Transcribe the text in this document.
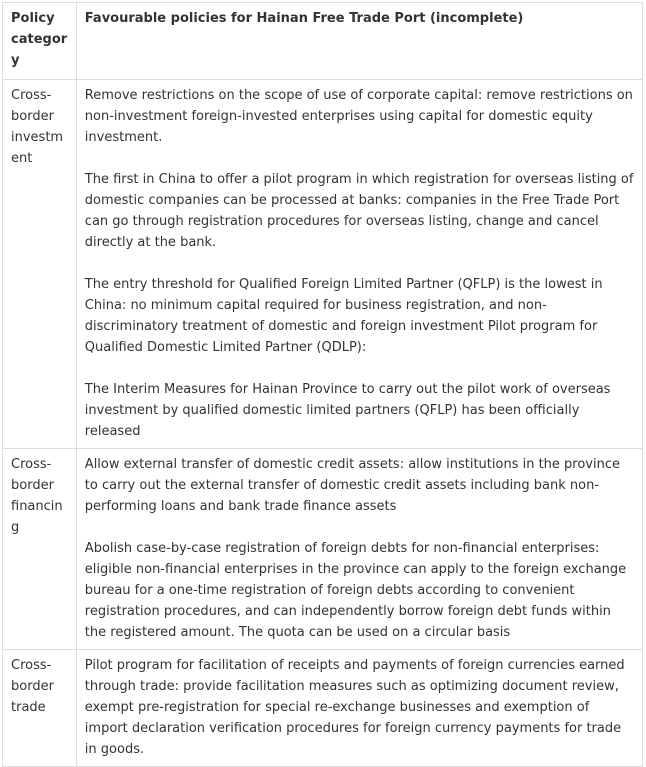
Policy category	Favourable policies for Hainan Free Trade Port (incomplete)
Cross-border investment	Remove restrictions on the scope of use of corporate capital: remove restrictions on non-investment foreign-invested enterprises using capital for domestic equity investment.

The first in China to offer a pilot program in which registration for overseas listing of domestic companies can be processed at banks: companies in the Free Trade Port can go through registration procedures for overseas listing, change and cancel directly at the bank.

The entry threshold for Qualified Foreign Limited Partner (QFLP) is the lowest in China: no minimum capital required for business registration, and non-discriminatory treatment of domestic and foreign investment Pilot program for Qualified Domestic Limited Partner (QDLP):

The Interim Measures for Hainan Province to carry out the pilot work of overseas investment by qualified domestic limited partners (QFLP) has been officially released

Cross-border financing	Allow external transfer of domestic credit assets: allow institutions in the province to carry out the external transfer of domestic credit assets including bank non-performing loans and bank trade finance assets

Abolish case-by-case registration of foreign debts for non-financial enterprises: eligible non-financial enterprises in the province can apply to the foreign exchange bureau for a one-time registration of foreign debts according to convenient registration procedures, and can independently borrow foreign debt funds within the registered amount. The quota can be used on a circular basis

Cross-border trade	Pilot program for facilitation of receipts and payments of foreign currencies earned through trade: provide facilitation measures such as optimizing document review, exempt pre-registration for special re-exchange businesses and exemption of import declaration verification procedures for foreign currency payments for trade in goods.
